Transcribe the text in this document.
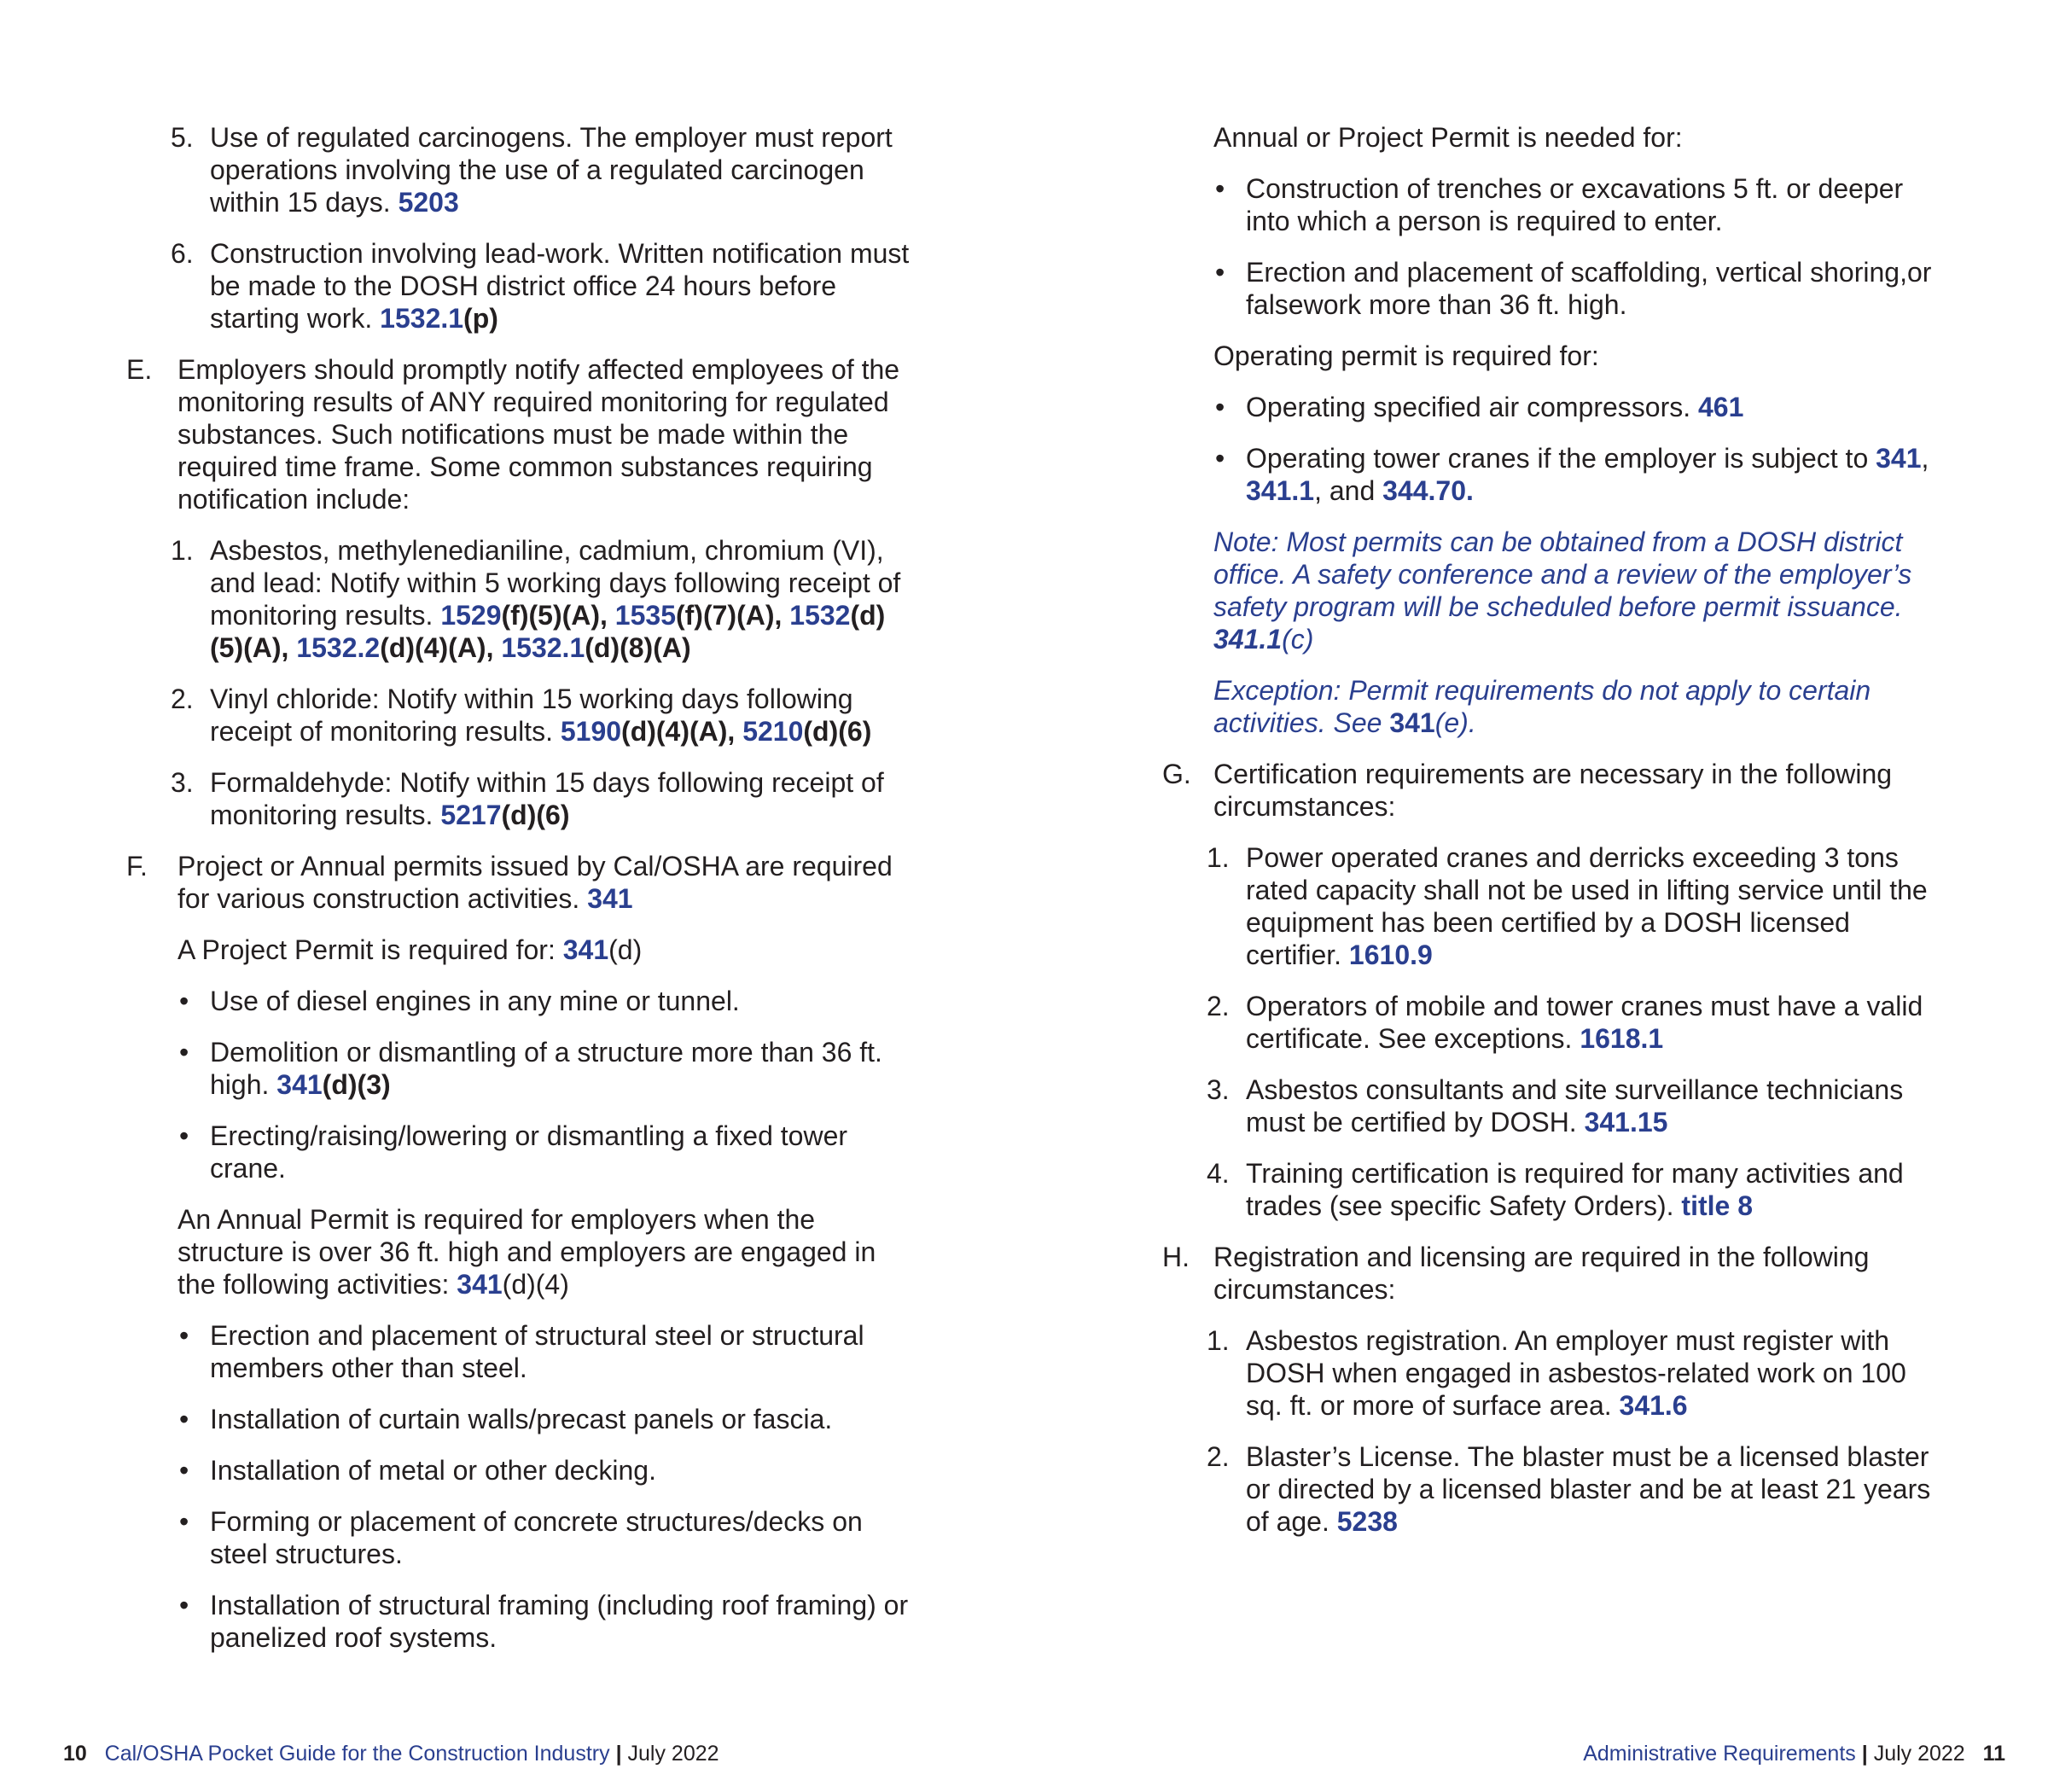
5. Use of regulated carcinogens. The employer must report operations involving the use of a regulated carcinogen within 15 days. 5203
6. Construction involving lead-work. Written notification must be made to the DOSH district office 24 hours before starting work. 1532.1(p)
E. Employers should promptly notify affected employees of the monitoring results of ANY required monitoring for regulated substances. Such notifications must be made within the required time frame. Some common substances requiring notification include:
1. Asbestos, methylenedianiline, cadmium, chromium (VI), and lead: Notify within 5 working days following receipt of monitoring results. 1529(f)(5)(A), 1535(f)(7)(A), 1532(d)(5)(A), 1532.2(d)(4)(A), 1532.1(d)(8)(A)
2. Vinyl chloride: Notify within 15 working days following receipt of monitoring results. 5190(d)(4)(A), 5210(d)(6)
3. Formaldehyde: Notify within 15 days following receipt of monitoring results. 5217(d)(6)
F. Project or Annual permits issued by Cal/OSHA are required for various construction activities. 341
A Project Permit is required for: 341(d)
• Use of diesel engines in any mine or tunnel.
• Demolition or dismantling of a structure more than 36 ft. high. 341(d)(3)
• Erecting/raising/lowering or dismantling a fixed tower crane.
An Annual Permit is required for employers when the structure is over 36 ft. high and employers are engaged in the following activities: 341(d)(4)
• Erection and placement of structural steel or structural members other than steel.
• Installation of curtain walls/precast panels or fascia.
• Installation of metal or other decking.
• Forming or placement of concrete structures/decks on steel structures.
• Installation of structural framing (including roof framing) or panelized roof systems.
Annual or Project Permit is needed for:
• Construction of trenches or excavations 5 ft. or deeper into which a person is required to enter.
• Erection and placement of scaffolding, vertical shoring,or falsework more than 36 ft. high.
Operating permit is required for:
• Operating specified air compressors. 461
• Operating tower cranes if the employer is subject to 341, 341.1, and 344.70.
Note: Most permits can be obtained from a DOSH district office. A safety conference and a review of the employer’s safety program will be scheduled before permit issuance. 341.1(c)
Exception: Permit requirements do not apply to certain activities. See 341(e).
G. Certification requirements are necessary in the following circumstances:
1. Power operated cranes and derricks exceeding 3 tons rated capacity shall not be used in lifting service until the equipment has been certified by a DOSH licensed certifier. 1610.9
2. Operators of mobile and tower cranes must have a valid certificate. See exceptions. 1618.1
3. Asbestos consultants and site surveillance technicians must be certified by DOSH. 341.15
4. Training certification is required for many activities and trades (see specific Safety Orders). title 8
H. Registration and licensing are required in the following circumstances:
1. Asbestos registration. An employer must register with DOSH when engaged in asbestos-related work on 100 sq. ft. or more of surface area. 341.6
2. Blaster’s License. The blaster must be a licensed blaster or directed by a licensed blaster and be at least 21 years of age. 5238
10 Cal/OSHA Pocket Guide for the Construction Industry | July 2022	Administrative Requirements | July 2022 11
